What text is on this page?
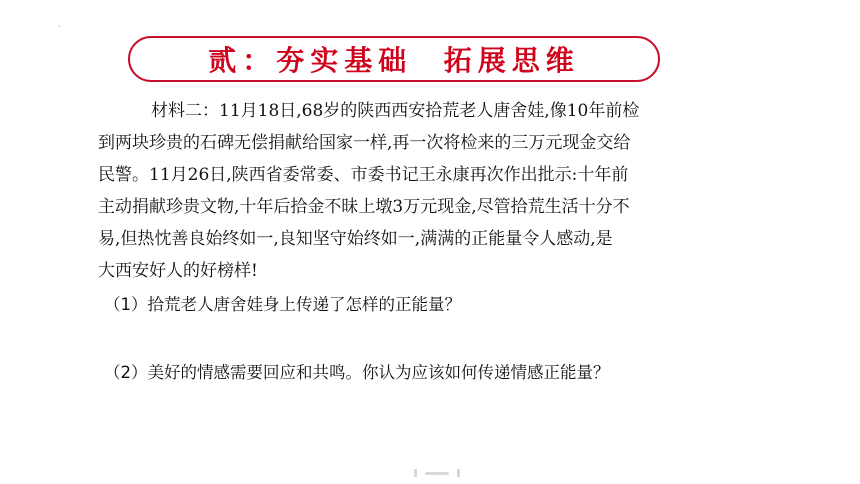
·
贰：夯实基础  拓展思维
材料二：11月18日,68岁的陕西西安拾荒老人唐舍娃,像10年前检
到两块珍贵的石碑无偿捐献给国家一样,再一次将检来的三万元现金交给
民警。11月26日,陕西省委常委、市委书记王永康再次作出批示:十年前
主动捐献珍贵文物,十年后拾金不昧上墩3万元现金,尽管拾荒生活十分不
易,但热忱善良始终如一,良知坚守始终如一,满满的正能量令人感动,是
大西安好人的好榜样!
（1）拾荒老人唐舍娃身上传递了怎样的正能量？
（2）美好的情感需要回应和共鸣。你认为应该如何传递情感正能量？
